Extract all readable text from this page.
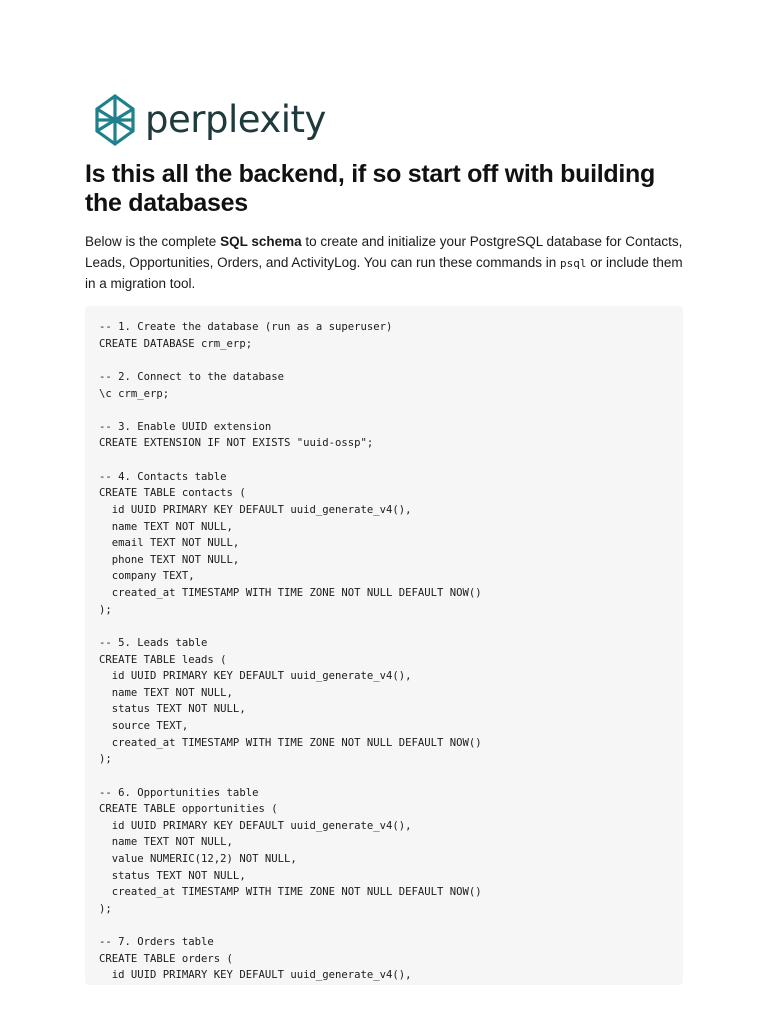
perplexity
Is this all the backend, if so start off with building the databases

Below is the complete SQL schema to create and initialize your PostgreSQL database for Contacts, Leads, Opportunities, Orders, and ActivityLog. You can run these commands in psql or include them in a migration tool.

-- 1. Create the database (run as a superuser)
CREATE DATABASE crm_erp;

-- 2. Connect to the database
\c crm_erp;

-- 3. Enable UUID extension
CREATE EXTENSION IF NOT EXISTS "uuid-ossp";

-- 4. Contacts table
CREATE TABLE contacts (
id UUID PRIMARY KEY DEFAULT uuid_generate_v4(),
name TEXT NOT NULL,
email TEXT NOT NULL,
phone TEXT NOT NULL,
company TEXT,
created_at TIMESTAMP WITH TIME ZONE NOT NULL DEFAULT NOW()
);

-- 5. Leads table
CREATE TABLE leads (
id UUID PRIMARY KEY DEFAULT uuid_generate_v4(),
name TEXT NOT NULL,
status TEXT NOT NULL,
source TEXT,
created_at TIMESTAMP WITH TIME ZONE NOT NULL DEFAULT NOW()
);

-- 6. Opportunities table
CREATE TABLE opportunities (
id UUID PRIMARY KEY DEFAULT uuid_generate_v4(),
name TEXT NOT NULL,
value NUMERIC(12,2) NOT NULL,
status TEXT NOT NULL,
created_at TIMESTAMP WITH TIME ZONE NOT NULL DEFAULT NOW()
);

-- 7. Orders table
CREATE TABLE orders (
id UUID PRIMARY KEY DEFAULT uuid_generate_v4(),
